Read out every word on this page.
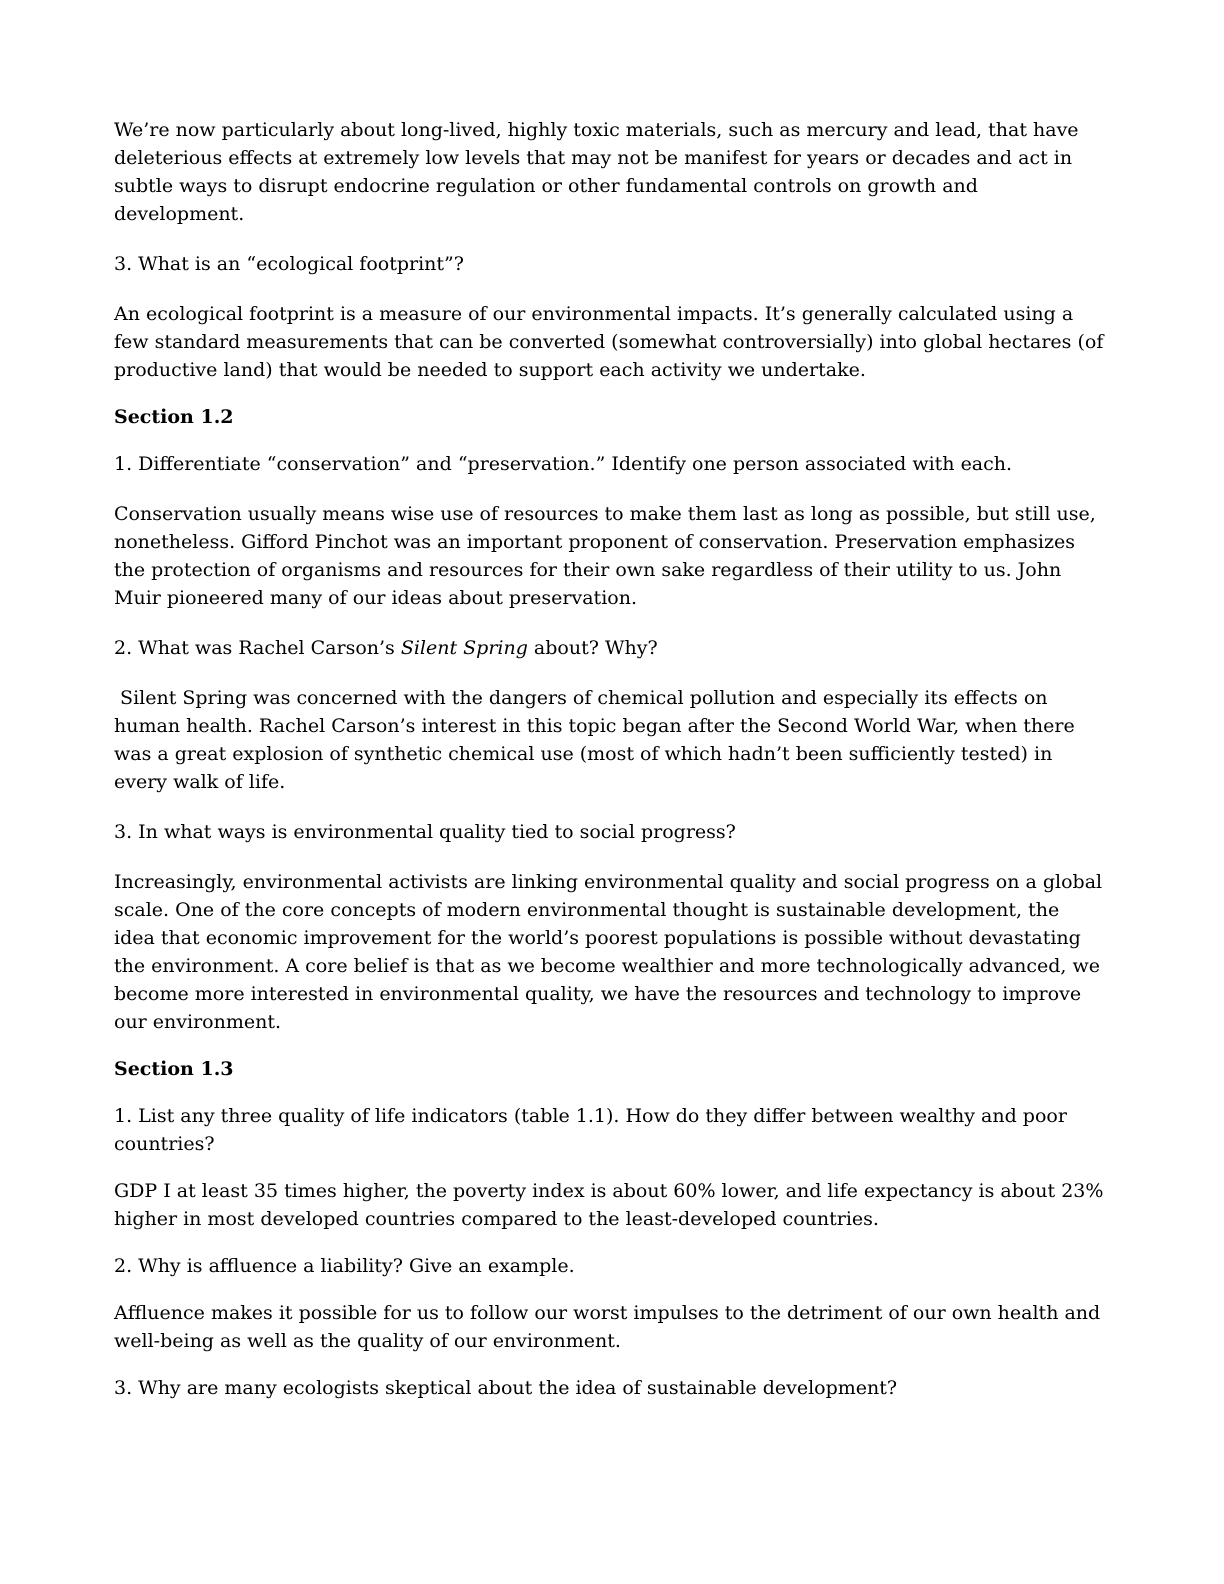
We’re now particularly about long-lived, highly toxic materials, such as mercury and lead, that have deleterious effects at extremely low levels that may not be manifest for years or decades and act in subtle ways to disrupt endocrine regulation or other fundamental controls on growth and development.

3. What is an “ecological footprint”?

An ecological footprint is a measure of our environmental impacts. It’s generally calculated using a few standard measurements that can be converted (somewhat controversially) into global hectares (of productive land) that would be needed to support each activity we undertake.

Section 1.2

1. Differentiate “conservation” and “preservation.” Identify one person associated with each.

Conservation usually means wise use of resources to make them last as long as possible, but still use, nonetheless. Gifford Pinchot was an important proponent of conservation. Preservation emphasizes the protection of organisms and resources for their own sake regardless of their utility to us. John Muir pioneered many of our ideas about preservation.

2. What was Rachel Carson’s Silent Spring about? Why?

Silent Spring was concerned with the dangers of chemical pollution and especially its effects on human health. Rachel Carson’s interest in this topic began after the Second World War, when there was a great explosion of synthetic chemical use (most of which hadn’t been sufficiently tested) in every walk of life.

3. In what ways is environmental quality tied to social progress?

Increasingly, environmental activists are linking environmental quality and social progress on a global scale. One of the core concepts of modern environmental thought is sustainable development, the idea that economic improvement for the world’s poorest populations is possible without devastating the environment. A core belief is that as we become wealthier and more technologically advanced, we become more interested in environmental quality, we have the resources and technology to improve our environment.

Section 1.3

1. List any three quality of life indicators (table 1.1). How do they differ between wealthy and poor countries?

GDP I at least 35 times higher, the poverty index is about 60% lower, and life expectancy is about 23% higher in most developed countries compared to the least-developed countries.

2. Why is affluence a liability? Give an example.

Affluence makes it possible for us to follow our worst impulses to the detriment of our own health and well-being as well as the quality of our environment.

3. Why are many ecologists skeptical about the idea of sustainable development?
